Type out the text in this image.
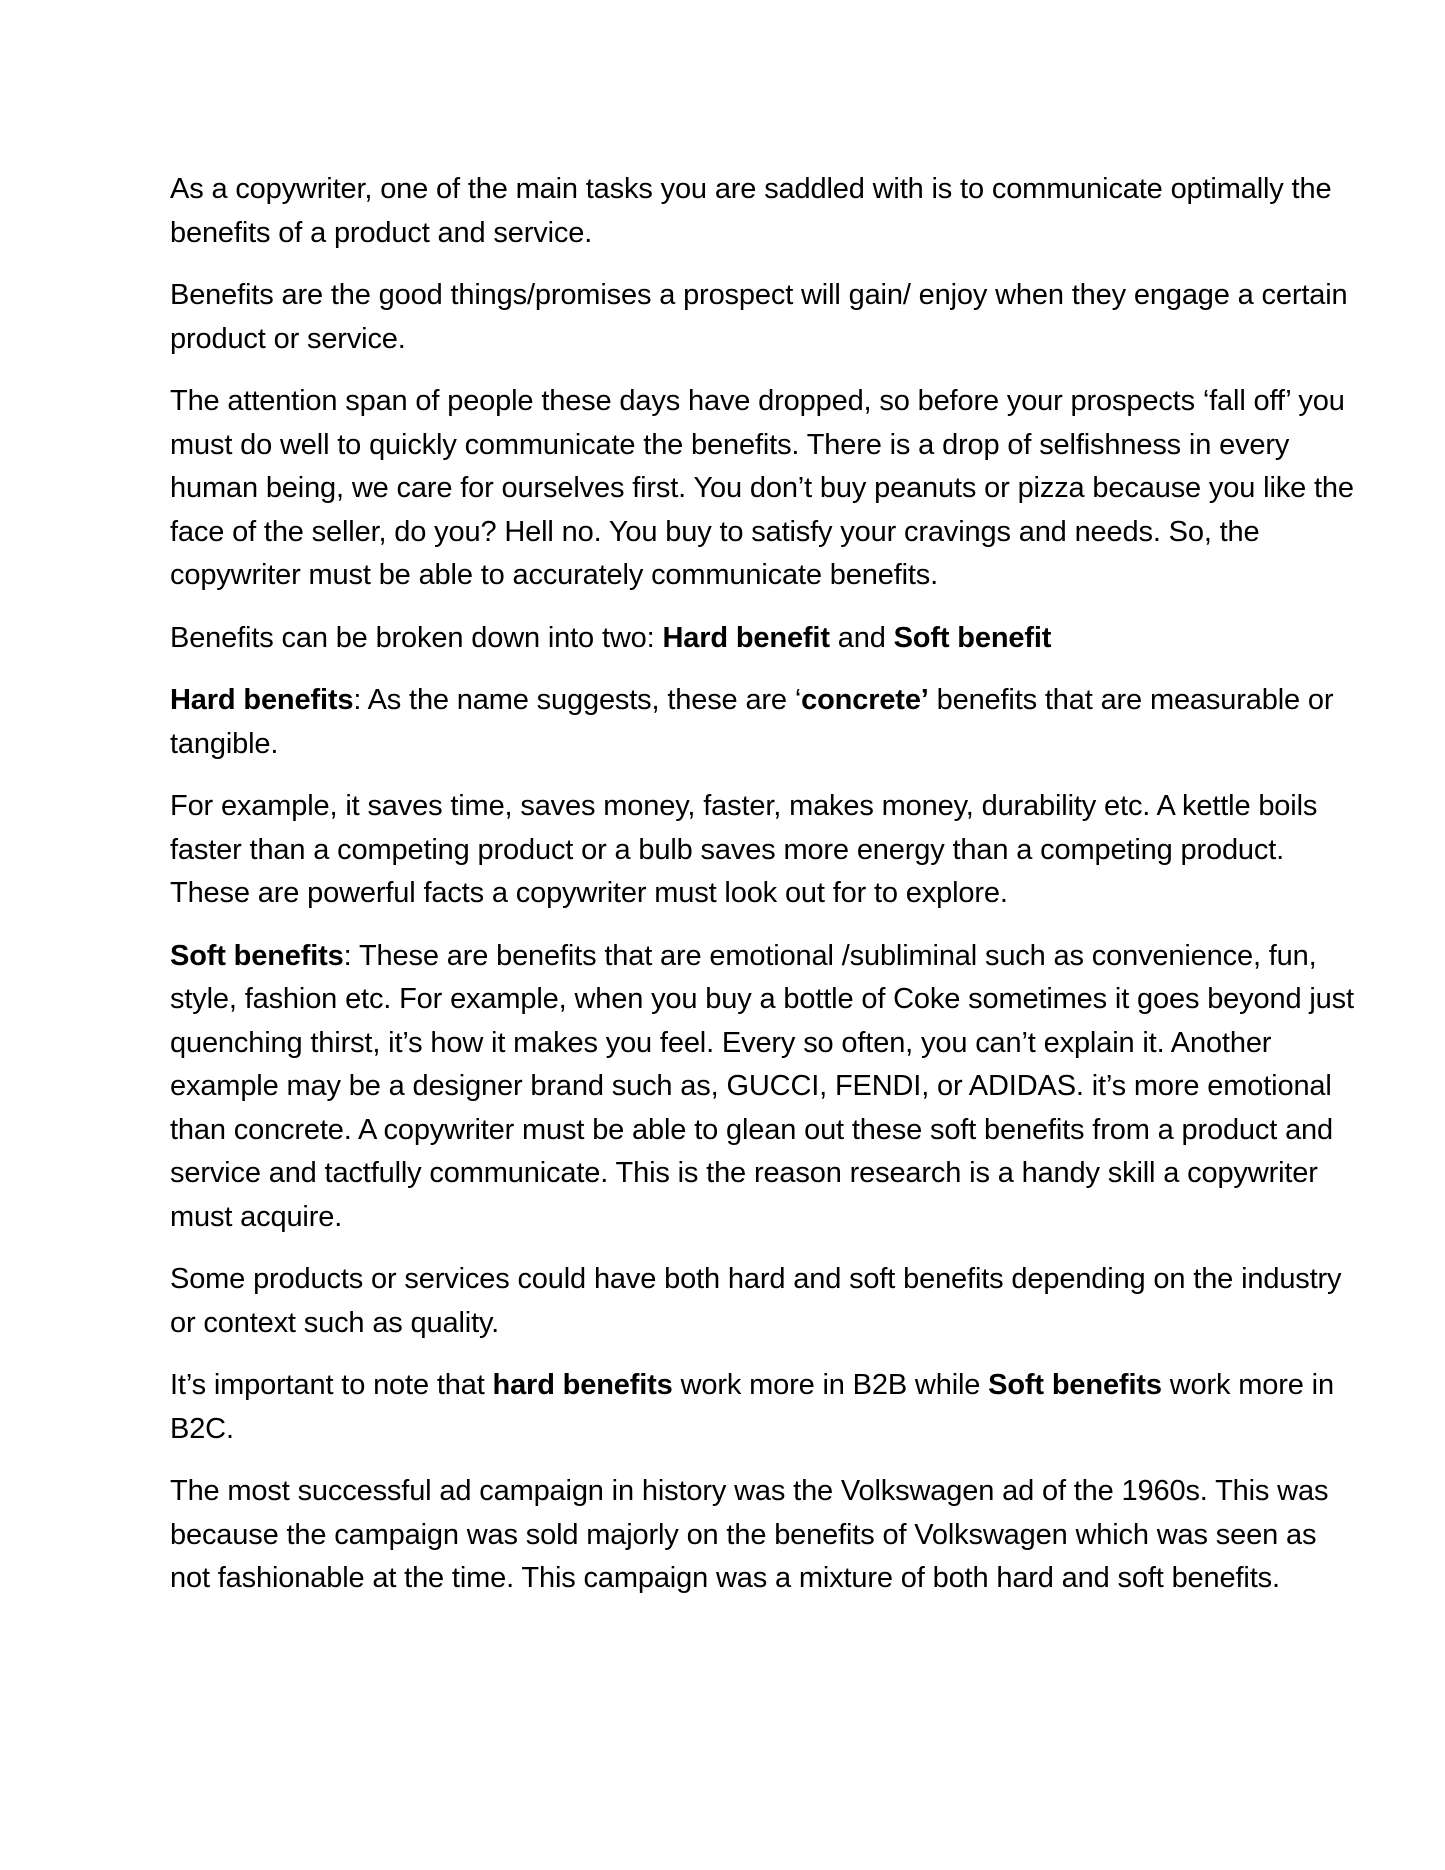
As a copywriter, one of the main tasks you are saddled with is to communicate optimally the benefits of a product and service.

Benefits are the good things/promises a prospect will gain/ enjoy when they engage a certain product or service.

The attention span of people these days have dropped, so before your prospects ‘fall off’ you must do well to quickly communicate the benefits. There is a drop of selfishness in every human being, we care for ourselves first. You don’t buy peanuts or pizza because you like the face of the seller, do you? Hell no. You buy to satisfy your cravings and needs. So, the copywriter must be able to accurately communicate benefits.

Benefits can be broken down into two: Hard benefit and Soft benefit

Hard benefits: As the name suggests, these are ‘concrete’ benefits that are measurable or tangible.

For example, it saves time, saves money, faster, makes money, durability etc. A kettle boils faster than a competing product or a bulb saves more energy than a competing product. These are powerful facts a copywriter must look out for to explore.

Soft benefits: These are benefits that are emotional /subliminal such as convenience, fun, style, fashion etc. For example, when you buy a bottle of Coke sometimes it goes beyond just quenching thirst, it’s how it makes you feel. Every so often, you can’t explain it. Another example may be a designer brand such as, GUCCI, FENDI, or ADIDAS. it’s more emotional than concrete. A copywriter must be able to glean out these soft benefits from a product and service and tactfully communicate. This is the reason research is a handy skill a copywriter must acquire.

Some products or services could have both hard and soft benefits depending on the industry or context such as quality.

It’s important to note that hard benefits work more in B2B while Soft benefits work more in B2C.

The most successful ad campaign in history was the Volkswagen ad of the 1960s. This was because the campaign was sold majorly on the benefits of Volkswagen which was seen as not fashionable at the time. This campaign was a mixture of both hard and soft benefits.
